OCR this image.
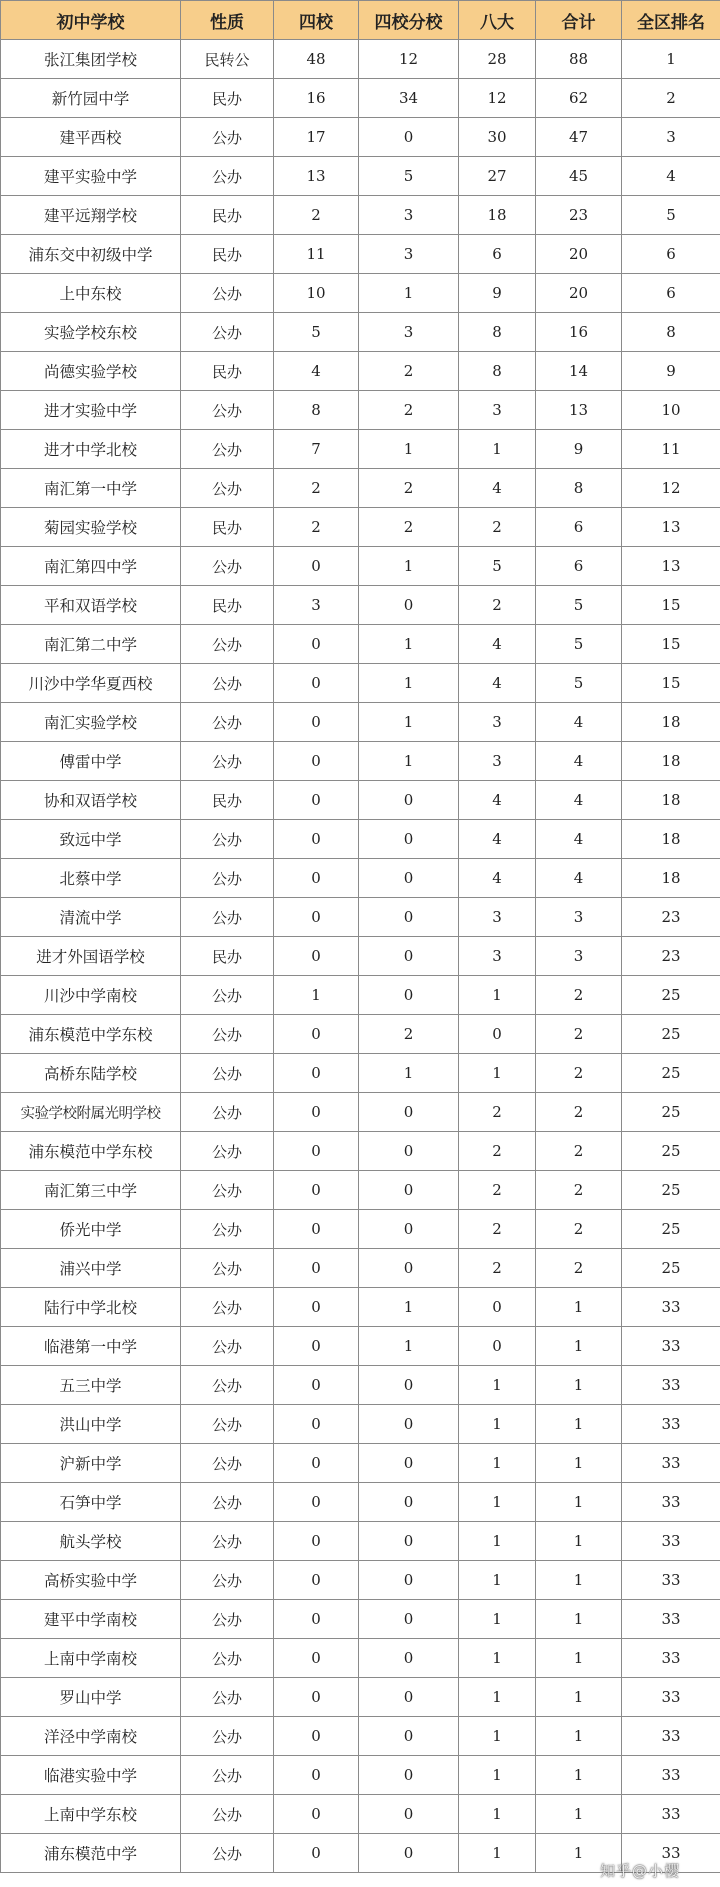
初中学校	性质	四校	四校分校	八大	合计	全区排名
张江集团学校	民转公	48	12	28	88	1
新竹园中学	民办	16	34	12	62	2
建平西校	公办	17	0	30	47	3
建平实验中学	公办	13	5	27	45	4
建平远翔学校	民办	2	3	18	23	5
浦东交中初级中学	民办	11	3	6	20	6
上中东校	公办	10	1	9	20	6
实验学校东校	公办	5	3	8	16	8
尚德实验学校	民办	4	2	8	14	9
进才实验中学	公办	8	2	3	13	10
进才中学北校	公办	7	1	1	9	11
南汇第一中学	公办	2	2	4	8	12
菊园实验学校	民办	2	2	2	6	13
南汇第四中学	公办	0	1	5	6	13
平和双语学校	民办	3	0	2	5	15
南汇第二中学	公办	0	1	4	5	15
川沙中学华夏西校	公办	0	1	4	5	15
南汇实验学校	公办	0	1	3	4	18
傅雷中学	公办	0	1	3	4	18
协和双语学校	民办	0	0	4	4	18
致远中学	公办	0	0	4	4	18
北蔡中学	公办	0	0	4	4	18
清流中学	公办	0	0	3	3	23
进才外国语学校	民办	0	0	3	3	23
川沙中学南校	公办	1	0	1	2	25
浦东模范中学东校	公办	0	2	0	2	25
高桥东陆学校	公办	0	1	1	2	25
实验学校附属光明学校	公办	0	0	2	2	25
浦东模范中学东校	公办	0	0	2	2	25
南汇第三中学	公办	0	0	2	2	25
侨光中学	公办	0	0	2	2	25
浦兴中学	公办	0	0	2	2	25
陆行中学北校	公办	0	1	0	1	33
临港第一中学	公办	0	1	0	1	33
五三中学	公办	0	0	1	1	33
洪山中学	公办	0	0	1	1	33
沪新中学	公办	0	0	1	1	33
石笋中学	公办	0	0	1	1	33
航头学校	公办	0	0	1	1	33
高桥实验中学	公办	0	0	1	1	33
建平中学南校	公办	0	0	1	1	33
上南中学南校	公办	0	0	1	1	33
罗山中学	公办	0	0	1	1	33
洋泾中学南校	公办	0	0	1	1	33
临港实验中学	公办	0	0	1	1	33
上南中学东校	公办	0	0	1	1	33
浦东模范中学	公办	0	0	1	1	33
知乎@小樱
